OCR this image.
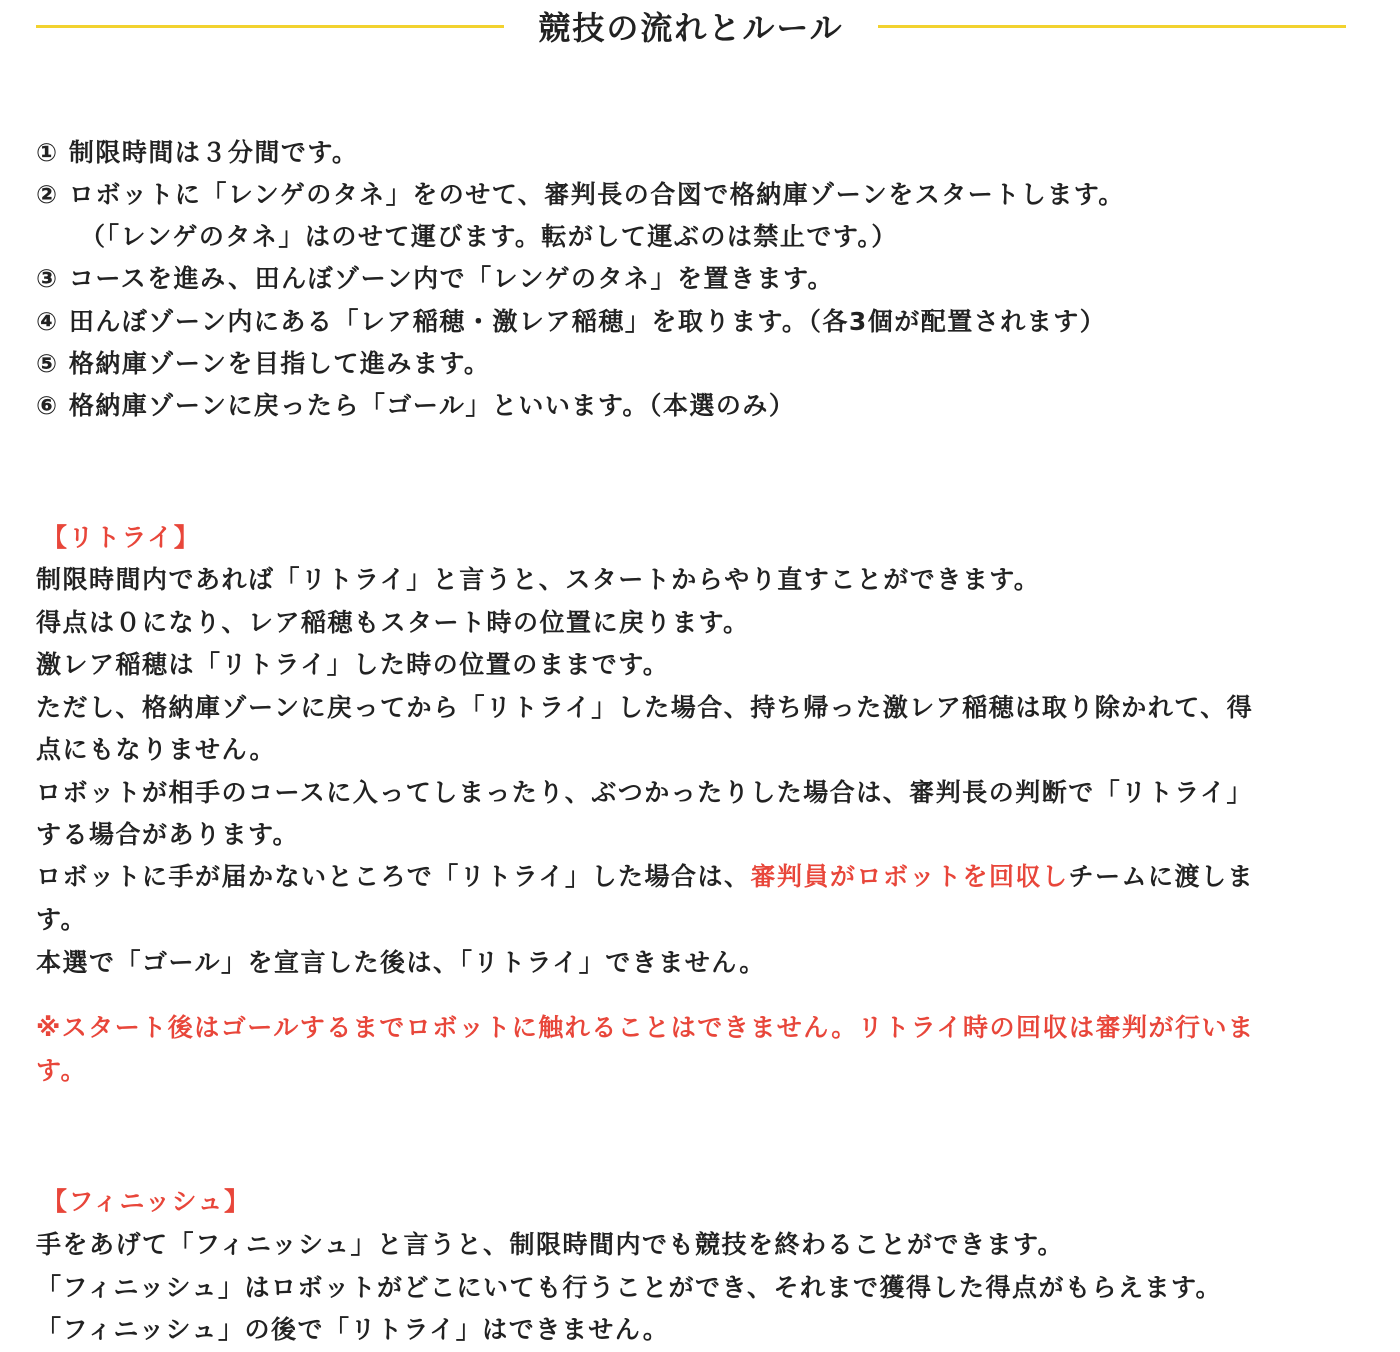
競技の流れとルール
① 制限時間は３分間です。
② ロボットに「レンゲのタネ」をのせて、審判長の合図で格納庫ゾーンをスタートします。
（「レンゲのタネ」はのせて運びます。転がして運ぶのは禁止です。）
③ コースを進み、田んぼゾーン内で「レンゲのタネ」を置きます。
④ 田んぼゾーン内にある「レア稲穂・激レア稲穂」を取ります。（各3個が配置されます）
⑤ 格納庫ゾーンを目指して進みます。
⑥ 格納庫ゾーンに戻ったら「ゴール」といいます。（本選のみ）
【リトライ】
制限時間内であれば「リトライ」と言うと、スタートからやり直すことができます。
得点は０になり、レア稲穂もスタート時の位置に戻ります。
激レア稲穂は「リトライ」した時の位置のままです。
ただし、格納庫ゾーンに戻ってから「リトライ」した場合、持ち帰った激レア稲穂は取り除かれて、得
点にもなりません。
ロボットが相手のコースに入ってしまったり、ぶつかったりした場合は、審判長の判断で「リトライ」
する場合があります。
ロボットに手が届かないところで「リトライ」した場合は、審判員がロボットを回収しチームに渡しま
す。
本選で「ゴール」を宣言した後は、「リトライ」できません。
※スタート後はゴールするまでロボットに触れることはできません。リトライ時の回収は審判が行いま
す。
【フィニッシュ】
手をあげて「フィニッシュ」と言うと、制限時間内でも競技を終わることができます。
「フィニッシュ」はロボットがどこにいても行うことができ、それまで獲得した得点がもらえます。
「フィニッシュ」の後で「リトライ」はできません。
